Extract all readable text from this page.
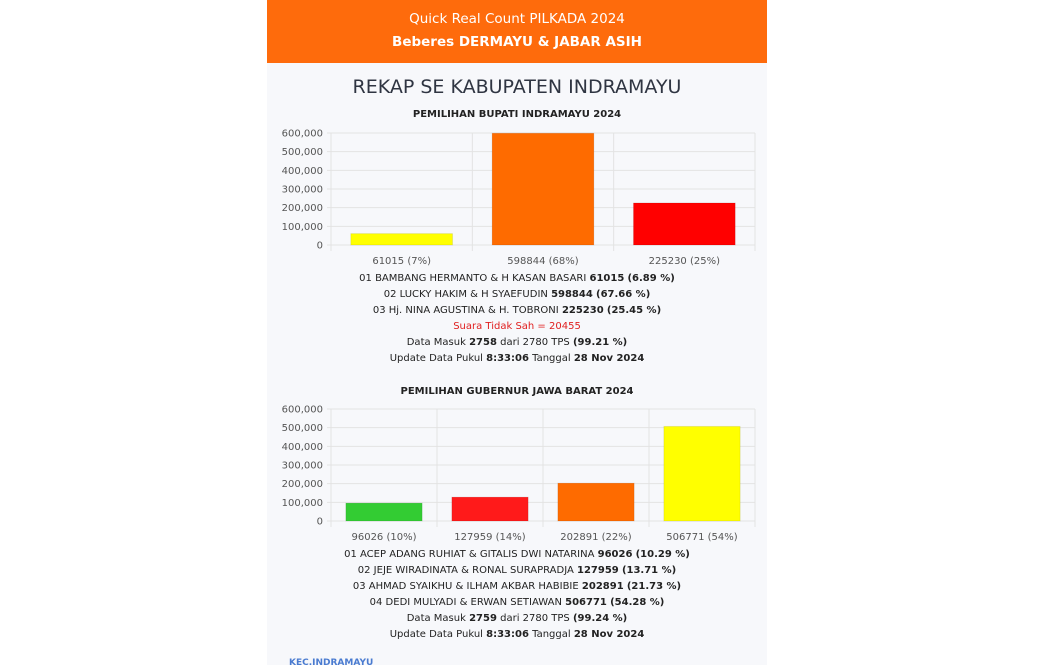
Quick Real Count PILKADA 2024
Beberes DERMAYU & JABAR ASIH
REKAP SE KABUPATEN INDRAMAYU
PEMILIHAN BUPATI INDRAMAYU 2024
0
100,000
200,000
300,000
400,000
500,000
600,000
61015 (7%)	598844 (68%)	225230 (25%)
01 BAMBANG HERMANTO & H KASAN BASARI 61015 (6.89 %)
02 LUCKY HAKIM & H SYAEFUDIN 598844 (67.66 %)
03 Hj. NINA AGUSTINA & H. TOBRONI 225230 (25.45 %)
Suara Tidak Sah = 20455
Data Masuk 2758 dari 2780 TPS (99.21 %)
Update Data Pukul 8:33:06 Tanggal 28 Nov 2024
PEMILIHAN GUBERNUR JAWA BARAT 2024
0
100,000
200,000
300,000
400,000
500,000
600,000
96026 (10%)	127959 (14%)	202891 (22%)	506771 (54%)
01 ACEP ADANG RUHIAT & GITALIS DWI NATARINA 96026 (10.29 %)
02 JEJE WIRADINATA & RONAL SURAPRADJA 127959 (13.71 %)
03 AHMAD SYAIKHU & ILHAM AKBAR HABIBIE 202891 (21.73 %)
04 DEDI MULYADI & ERWAN SETIAWAN 506771 (54.28 %)
Data Masuk 2759 dari 2780 TPS (99.24 %)
Update Data Pukul 8:33:06 Tanggal 28 Nov 2024
KEC.INDRAMAYU
